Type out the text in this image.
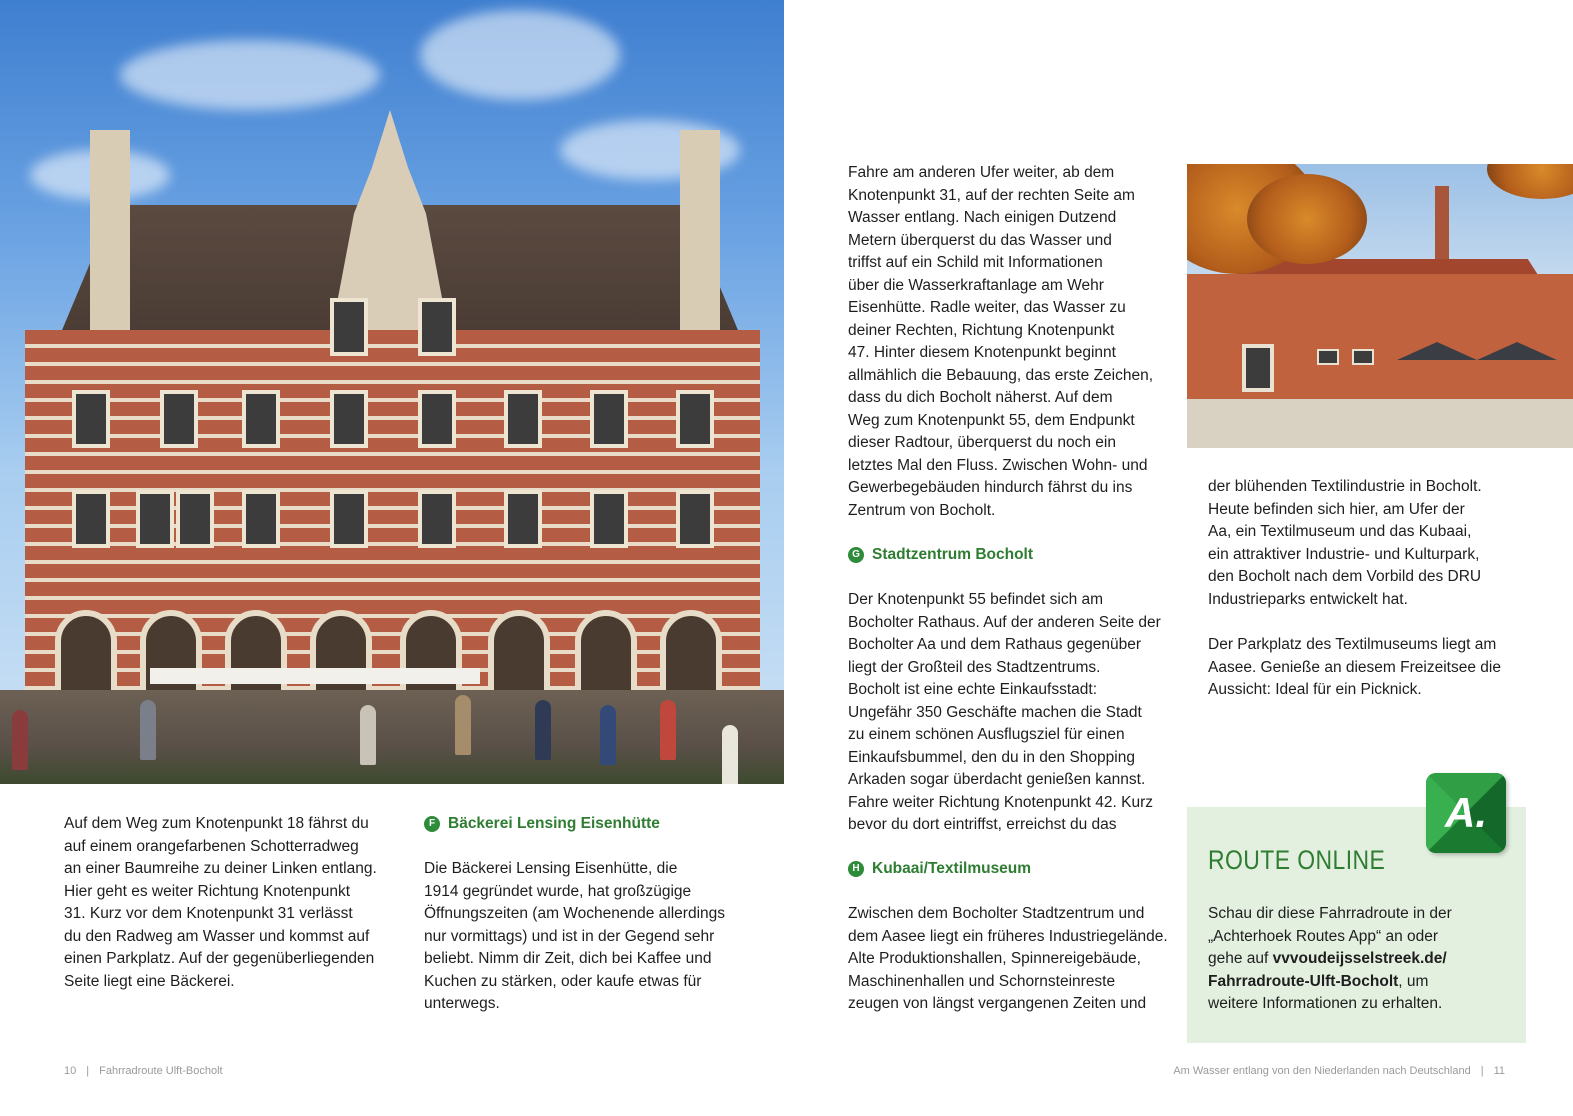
Auf dem Weg zum Knotenpunkt 18 fährst du
auf einem orangefarbenen Schotterradweg
an einer Baumreihe zu deiner Linken entlang.
Hier geht es weiter Richtung Knotenpunkt
31. Kurz vor dem Knotenpunkt 31 verlässt
du den Radweg am Wasser und kommst auf
einen Parkplatz. Auf der gegenüberliegenden
Seite liegt eine Bäckerei.

F Bäckerei Lensing Eisenhütte

Die Bäckerei Lensing Eisenhütte, die
1914 gegründet wurde, hat großzügige
Öffnungszeiten (am Wochenende allerdings
nur vormittags) und ist in der Gegend sehr
beliebt. Nimm dir Zeit, dich bei Kaffee und
Kuchen zu stärken, oder kaufe etwas für
unterwegs.

10 | Fahrradroute Ulft-Bocholt

Fahre am anderen Ufer weiter, ab dem
Knotenpunkt 31, auf der rechten Seite am
Wasser entlang. Nach einigen Dutzend
Metern überquerst du das Wasser und
triffst auf ein Schild mit Informationen
über die Wasserkraftanlage am Wehr
Eisenhütte. Radle weiter, das Wasser zu
deiner Rechten, Richtung Knotenpunkt
47. Hinter diesem Knotenpunkt beginnt
allmählich die Bebauung, das erste Zeichen,
dass du dich Bocholt näherst. Auf dem
Weg zum Knotenpunkt 55, dem Endpunkt
dieser Radtour, überquerst du noch ein
letztes Mal den Fluss. Zwischen Wohn- und
Gewerbegebäuden hindurch fährst du ins
Zentrum von Bocholt.

G Stadtzentrum Bocholt

Der Knotenpunkt 55 befindet sich am
Bocholter Rathaus. Auf der anderen Seite der
Bocholter Aa und dem Rathaus gegenüber
liegt der Großteil des Stadtzentrums.
Bocholt ist eine echte Einkaufsstadt:
Ungefähr 350 Geschäfte machen die Stadt
zu einem schönen Ausflugsziel für einen
Einkaufsbummel, den du in den Shopping
Arkaden sogar überdacht genießen kannst.
Fahre weiter Richtung Knotenpunkt 42. Kurz
bevor du dort eintriffst, erreichst du das

H Kubaai/Textilmuseum

Zwischen dem Bocholter Stadtzentrum und
dem Aasee liegt ein früheres Industriegelände.
Alte Produktionshallen, Spinnereigebäude,
Maschinenhallen und Schornsteinreste
zeugen von längst vergangenen Zeiten und

der blühenden Textilindustrie in Bocholt.
Heute befinden sich hier, am Ufer der
Aa, ein Textilmuseum und das Kubaai,
ein attraktiver Industrie- und Kulturpark,
den Bocholt nach dem Vorbild des DRU
Industrieparks entwickelt hat.

Der Parkplatz des Textilmuseums liegt am
Aasee. Genieße an diesem Freizeitsee die
Aussicht: Ideal für ein Picknick.

ROUTE ONLINE

Schau dir diese Fahrradroute in der
„Achterhoek Routes App“ an oder
gehe auf vvvoudeijsselstreek.de/
Fahrradroute-Ulft-Bocholt, um
weitere Informationen zu erhalten.

A.
Am Wasser entlang von den Niederlanden nach Deutschland | 11
